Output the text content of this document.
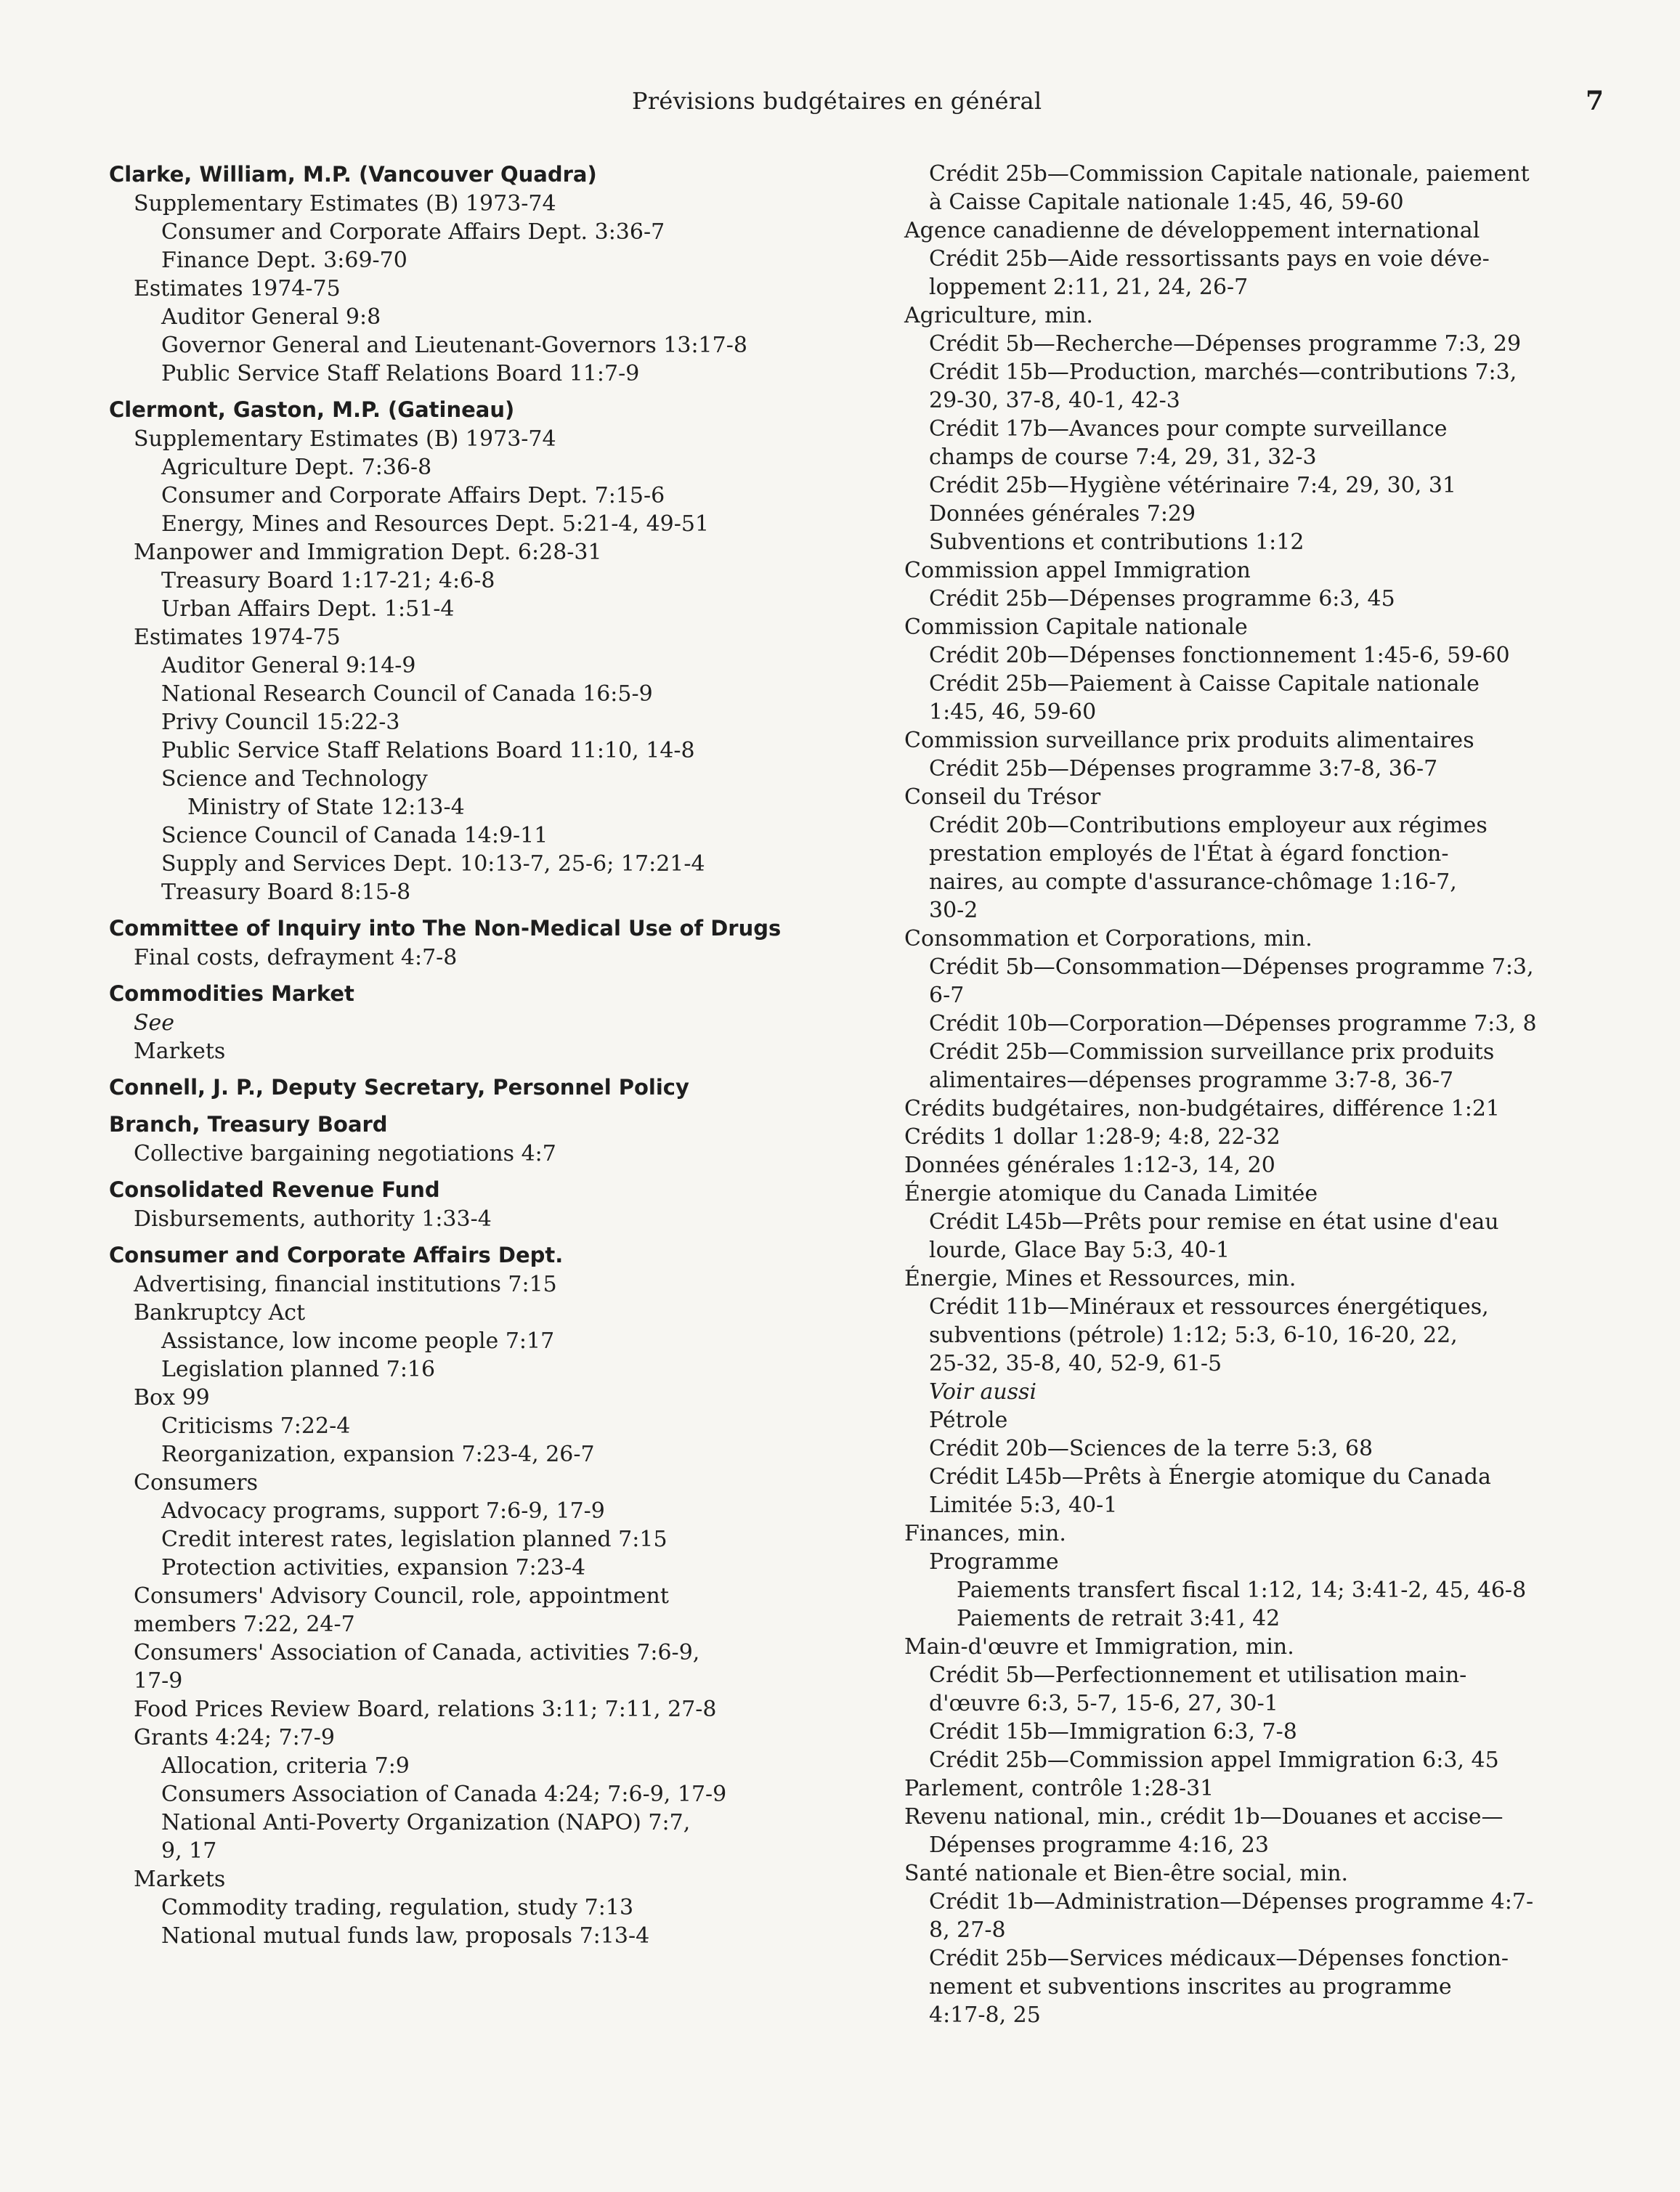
Prévisions budgétaires en général	7
Clarke, William, M.P. (Vancouver Quadra)
Supplementary Estimates (B) 1973-74
Consumer and Corporate Affairs Dept. 3:36-7
Finance Dept. 3:69-70
Estimates 1974-75
Auditor General 9:8
Governor General and Lieutenant-Governors 13:17-8
Public Service Staff Relations Board 11:7-9
Clermont, Gaston, M.P. (Gatineau)
Supplementary Estimates (B) 1973-74
Agriculture Dept. 7:36-8
Consumer and Corporate Affairs Dept. 7:15-6
Energy, Mines and Resources Dept. 5:21-4, 49-51
Manpower and Immigration Dept. 6:28-31
Treasury Board 1:17-21; 4:6-8
Urban Affairs Dept. 1:51-4
Estimates 1974-75
Auditor General 9:14-9
National Research Council of Canada 16:5-9
Privy Council 15:22-3
Public Service Staff Relations Board 11:10, 14-8
Science and Technology
Ministry of State 12:13-4
Science Council of Canada 14:9-11
Supply and Services Dept. 10:13-7, 25-6; 17:21-4
Treasury Board 8:15-8
Committee of Inquiry into The Non-Medical Use of Drugs
Final costs, defrayment 4:7-8
Commodities Market
See
Markets
Connell, J. P., Deputy Secretary, Personnel Policy
Branch, Treasury Board
Collective bargaining negotiations 4:7
Consolidated Revenue Fund
Disbursements, authority 1:33-4
Consumer and Corporate Affairs Dept.
Advertising, financial institutions 7:15
Bankruptcy Act
Assistance, low income people 7:17
Legislation planned 7:16
Box 99
Criticisms 7:22-4
Reorganization, expansion 7:23-4, 26-7
Consumers
Advocacy programs, support 7:6-9, 17-9
Credit interest rates, legislation planned 7:15
Protection activities, expansion 7:23-4
Consumers' Advisory Council, role, appointment
members 7:22, 24-7
Consumers' Association of Canada, activities 7:6-9,
17-9
Food Prices Review Board, relations 3:11; 7:11, 27-8
Grants 4:24; 7:7-9
Allocation, criteria 7:9
Consumers Association of Canada 4:24; 7:6-9, 17-9
National Anti-Poverty Organization (NAPO) 7:7,
9, 17
Markets
Commodity trading, regulation, study 7:13
National mutual funds law, proposals 7:13-4
Crédit 25b—Commission Capitale nationale, paiement
à Caisse Capitale nationale 1:45, 46, 59-60
Agence canadienne de développement international
Crédit 25b—Aide ressortissants pays en voie déve-
loppement 2:11, 21, 24, 26-7
Agriculture, min.
Crédit 5b—Recherche—Dépenses programme 7:3, 29
Crédit 15b—Production, marchés—contributions 7:3,
29-30, 37-8, 40-1, 42-3
Crédit 17b—Avances pour compte surveillance
champs de course 7:4, 29, 31, 32-3
Crédit 25b—Hygiène vétérinaire 7:4, 29, 30, 31
Données générales 7:29
Subventions et contributions 1:12
Commission appel Immigration
Crédit 25b—Dépenses programme 6:3, 45
Commission Capitale nationale
Crédit 20b—Dépenses fonctionnement 1:45-6, 59-60
Crédit 25b—Paiement à Caisse Capitale nationale
1:45, 46, 59-60
Commission surveillance prix produits alimentaires
Crédit 25b—Dépenses programme 3:7-8, 36-7
Conseil du Trésor
Crédit 20b—Contributions employeur aux régimes
prestation employés de l'État à égard fonction-
naires, au compte d'assurance-chômage 1:16-7,
30-2
Consommation et Corporations, min.
Crédit 5b—Consommation—Dépenses programme 7:3,
6-7
Crédit 10b—Corporation—Dépenses programme 7:3, 8
Crédit 25b—Commission surveillance prix produits
alimentaires—dépenses programme 3:7-8, 36-7
Crédits budgétaires, non-budgétaires, différence 1:21
Crédits 1 dollar 1:28-9; 4:8, 22-32
Données générales 1:12-3, 14, 20
Énergie atomique du Canada Limitée
Crédit L45b—Prêts pour remise en état usine d'eau
lourde, Glace Bay 5:3, 40-1
Énergie, Mines et Ressources, min.
Crédit 11b—Minéraux et ressources énergétiques,
subventions (pétrole) 1:12; 5:3, 6-10, 16-20, 22,
25-32, 35-8, 40, 52-9, 61-5
Voir aussi
Pétrole
Crédit 20b—Sciences de la terre 5:3, 68
Crédit L45b—Prêts à Énergie atomique du Canada
Limitée 5:3, 40-1
Finances, min.
Programme
Paiements transfert fiscal 1:12, 14; 3:41-2, 45, 46-8
Paiements de retrait 3:41, 42
Main-d'œuvre et Immigration, min.
Crédit 5b—Perfectionnement et utilisation main-
d'œuvre 6:3, 5-7, 15-6, 27, 30-1
Crédit 15b—Immigration 6:3, 7-8
Crédit 25b—Commission appel Immigration 6:3, 45
Parlement, contrôle 1:28-31
Revenu national, min., crédit 1b—Douanes et accise—
Dépenses programme 4:16, 23
Santé nationale et Bien-être social, min.
Crédit 1b—Administration—Dépenses programme 4:7-
8, 27-8
Crédit 25b—Services médicaux—Dépenses fonction-
nement et subventions inscrites au programme
4:17-8, 25
